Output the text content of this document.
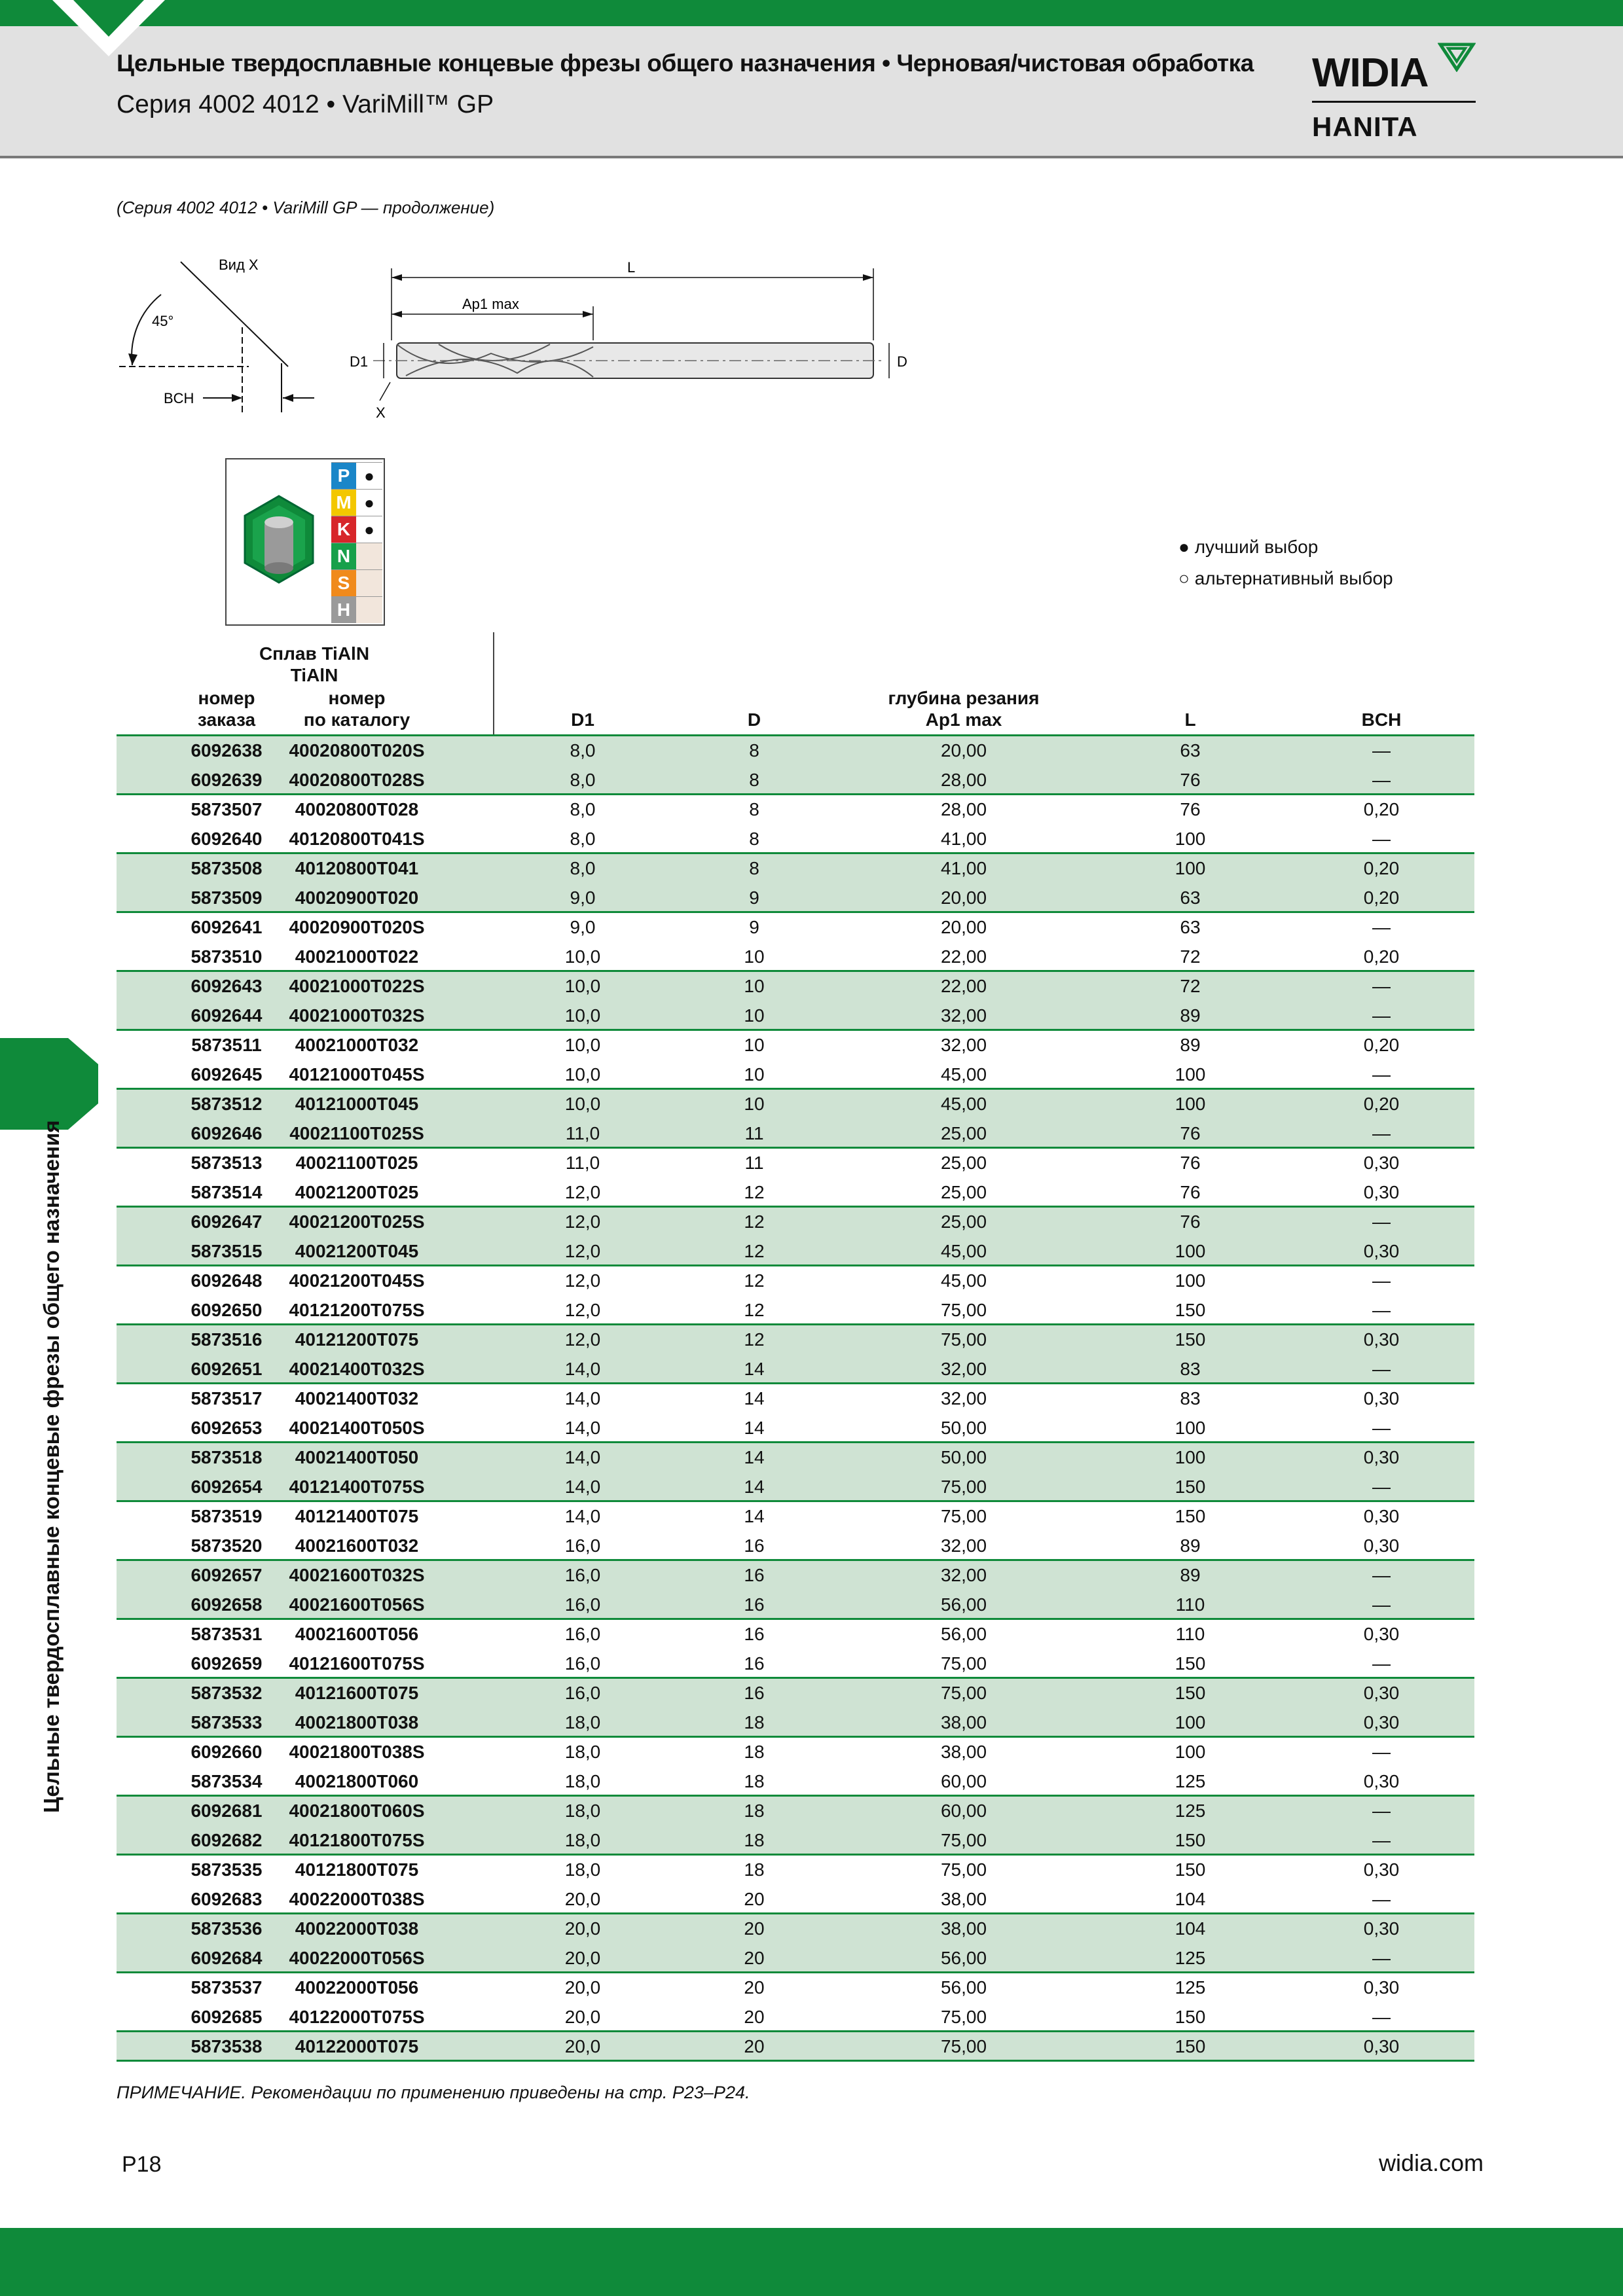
Цельные твердосплавные концевые фрезы общего назначения • Черновая/чистовая обработка
Серия 4002 4012 • VariMill™ GP
WIDIA
HANITA
(Серия 4002 4012 • VariMill GP — продолжение)
Вид X
45°
BCH
L
Ap1 max
D1	D
X
P ●
M ●
K ●
N
S
H
● лучший выбор
○ альтернативный выбор
Цельные твердосплавные концевые фрезы общего назначения
Сплав TiAlN
TiAlN
номер
заказа
номер
по каталогу	D1	D
глубина резания
Ap1 max	L	BCH
6092638	40020800T020S	8,0	8	20,00	63	—
6092639	40020800T028S	8,0	8	28,00	76	—
5873507	40020800T028	8,0	8	28,00	76	0,20
6092640	40120800T041S	8,0	8	41,00	100	—
5873508	40120800T041	8,0	8	41,00	100	0,20
5873509	40020900T020	9,0	9	20,00	63	0,20
6092641	40020900T020S	9,0	9	20,00	63	—
5873510	40021000T022	10,0	10	22,00	72	0,20
6092643	40021000T022S	10,0	10	22,00	72	—
6092644	40021000T032S	10,0	10	32,00	89	—
5873511	40021000T032	10,0	10	32,00	89	0,20
6092645	40121000T045S	10,0	10	45,00	100	—
5873512	40121000T045	10,0	10	45,00	100	0,20
6092646	40021100T025S	11,0	11	25,00	76	—
5873513	40021100T025	11,0	11	25,00	76	0,30
5873514	40021200T025	12,0	12	25,00	76	0,30
6092647	40021200T025S	12,0	12	25,00	76	—
5873515	40021200T045	12,0	12	45,00	100	0,30
6092648	40021200T045S	12,0	12	45,00	100	—
6092650	40121200T075S	12,0	12	75,00	150	—
5873516	40121200T075	12,0	12	75,00	150	0,30
6092651	40021400T032S	14,0	14	32,00	83	—
5873517	40021400T032	14,0	14	32,00	83	0,30
6092653	40021400T050S	14,0	14	50,00	100	—
5873518	40021400T050	14,0	14	50,00	100	0,30
6092654	40121400T075S	14,0	14	75,00	150	—
5873519	40121400T075	14,0	14	75,00	150	0,30
5873520	40021600T032	16,0	16	32,00	89	0,30
6092657	40021600T032S	16,0	16	32,00	89	—
6092658	40021600T056S	16,0	16	56,00	110	—
5873531	40021600T056	16,0	16	56,00	110	0,30
6092659	40121600T075S	16,0	16	75,00	150	—
5873532	40121600T075	16,0	16	75,00	150	0,30
5873533	40021800T038	18,0	18	38,00	100	0,30
6092660	40021800T038S	18,0	18	38,00	100	—
5873534	40021800T060	18,0	18	60,00	125	0,30
6092681	40021800T060S	18,0	18	60,00	125	—
6092682	40121800T075S	18,0	18	75,00	150	—
5873535	40121800T075	18,0	18	75,00	150	0,30
6092683	40022000T038S	20,0	20	38,00	104	—
5873536	40022000T038	20,0	20	38,00	104	0,30
6092684	40022000T056S	20,0	20	56,00	125	—
5873537	40022000T056	20,0	20	56,00	125	0,30
6092685	40122000T075S	20,0	20	75,00	150	—
5873538	40122000T075	20,0	20	75,00	150	0,30
ПРИМЕЧАНИЕ. Рекомендации по применению приведены на стр. P23–P24.
P18	widia.com
